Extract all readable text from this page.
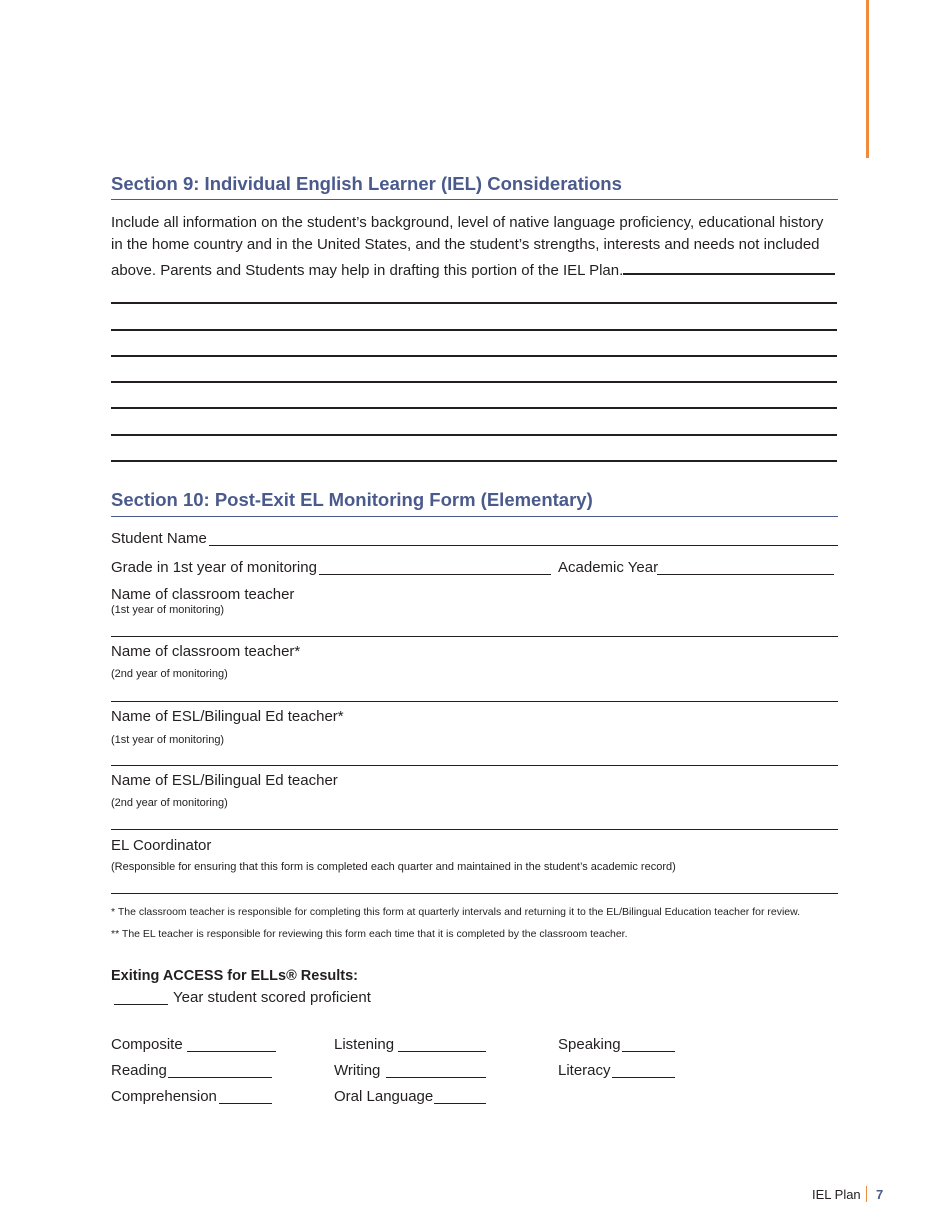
Section 9: Individual English Learner (IEL) Considerations
Include all information on the student’s background, level of native language proficiency, educational history
in the home country and in the United States, and the student’s strengths, interests and needs not included
above. Parents and Students may help in drafting this portion of the IEL Plan.
Section 10: Post-Exit EL Monitoring Form (Elementary)
Student Name
Grade in 1st year of monitoring	Academic Year
Name of classroom teacher
(1st year of monitoring)
Name of classroom teacher*
(2nd year of monitoring)
Name of ESL/Bilingual Ed teacher*
(1st year of monitoring)
Name of ESL/Bilingual Ed teacher
(2nd year of monitoring)
EL Coordinator
(Responsible for ensuring that this form is completed each quarter and maintained in the student’s academic record)
* The classroom teacher is responsible for completing this form at quarterly intervals and returning it to the EL/Bilingual Education teacher for review.
** The EL teacher is responsible for reviewing this form each time that it is completed by the classroom teacher.
Exiting ACCESS for ELLs® Results:
Year student scored proficient
Composite
Reading
Comprehension
Listening
Writing
Oral Language
Speaking
Literacy
IEL Plan 7
